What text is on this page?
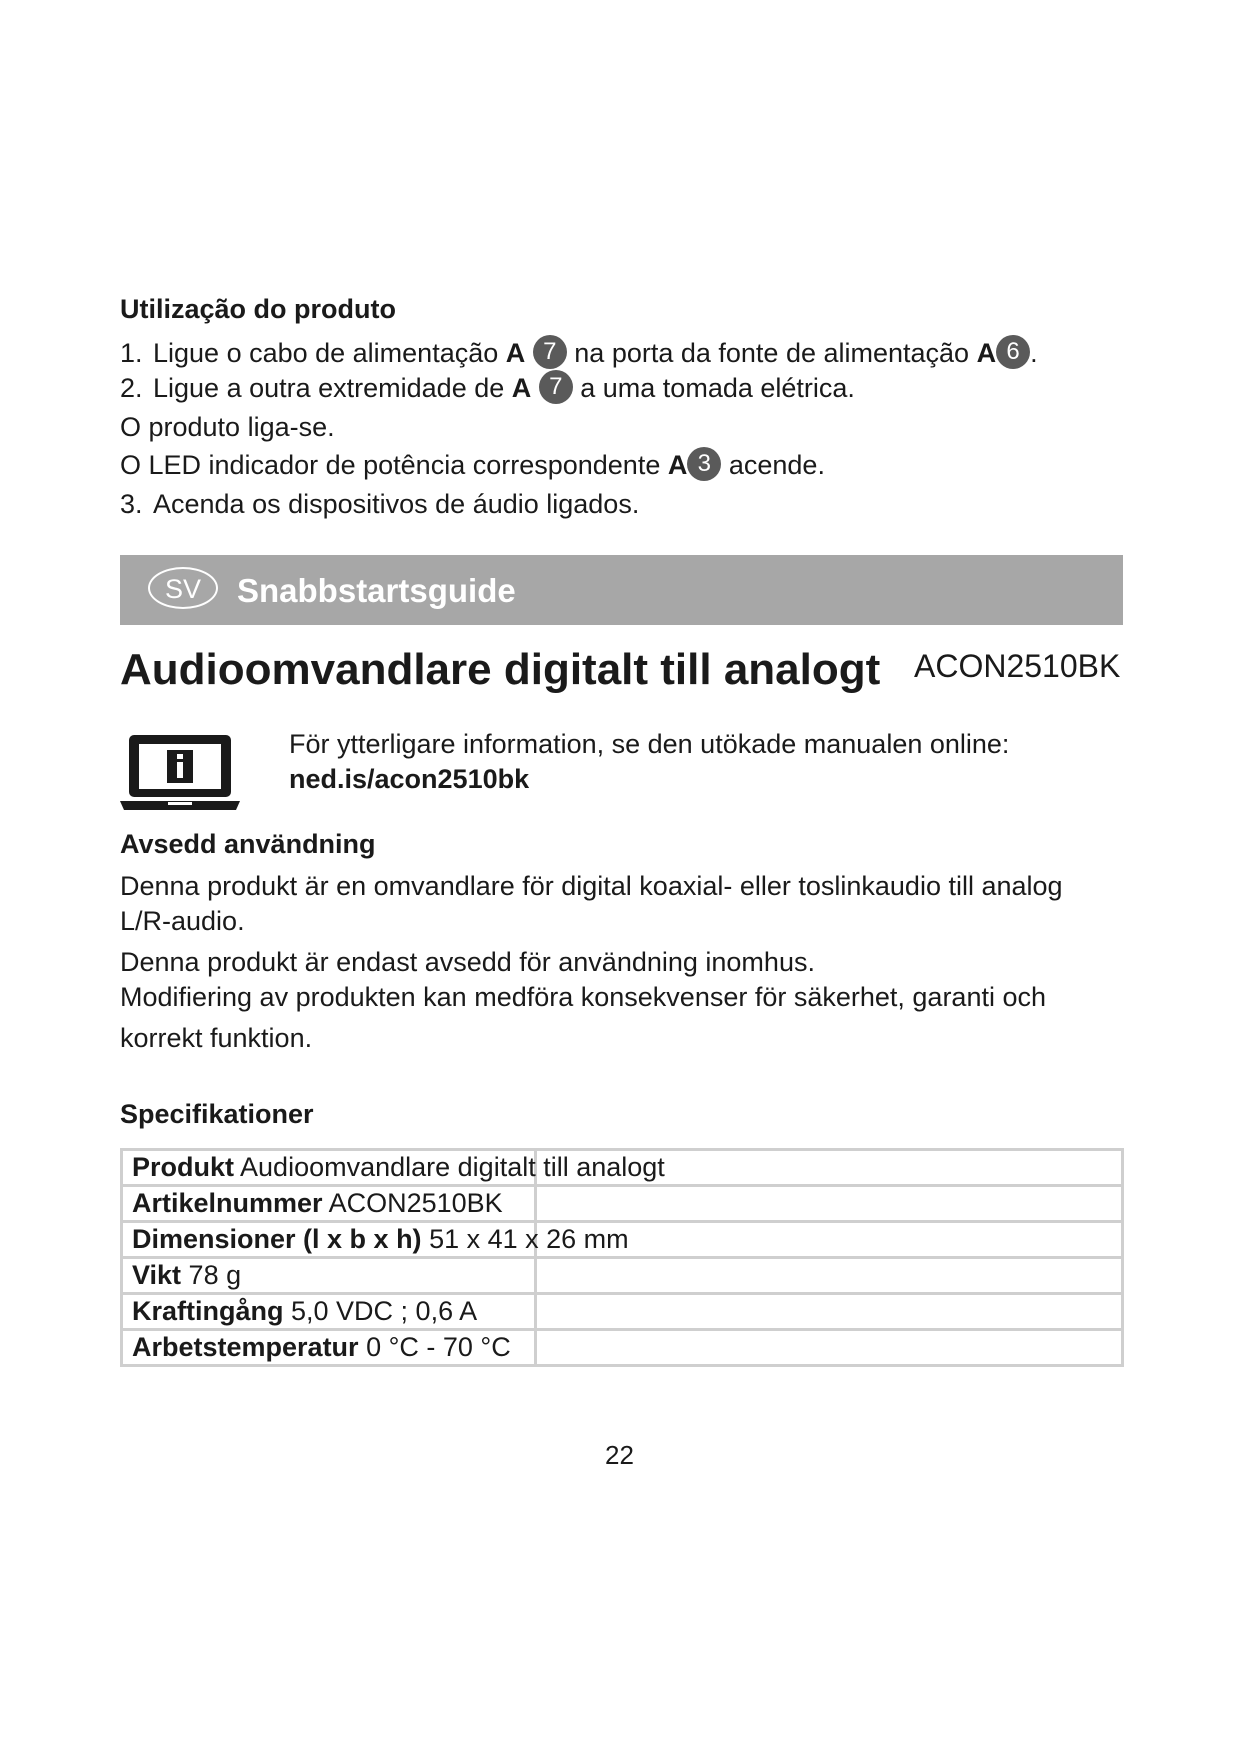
Utilização do produto
1. Ligue o cabo de alimentação A 7 na porta da fonte de alimentação A 6 .
2. Ligue a outra extremidade de A 7 a uma tomada elétrica.
O produto liga-se.
O LED indicador de potência correspondente A 3 acende.
3. Acenda os dispositivos de áudio ligados.
SV	Snabbstartsguide
Audioomvandlare digitalt till analogt ACON2510BK
För ytterligare information, se den utökade manualen online:
ned.is/acon2510bk
Avsedd användning
Denna produkt är en omvandlare för digital koaxial- eller toslinkaudio till analog
L/R-audio.
Denna produkt är endast avsedd för användning inomhus.
Modifiering av produkten kan medföra konsekvenser för säkerhet, garanti och
korrekt funktion.
Specifikationer
Produkt Audioomvandlare digitalt till analogt	
Artikelnummer ACON2510BK	
Dimensioner (l x b x h) 51 x 41 x 26 mm	
Vikt 78 g	
Kraftingång 5,0 VDC ; 0,6 A	
Arbetstemperatur 0 °C - 70 °C	
22
